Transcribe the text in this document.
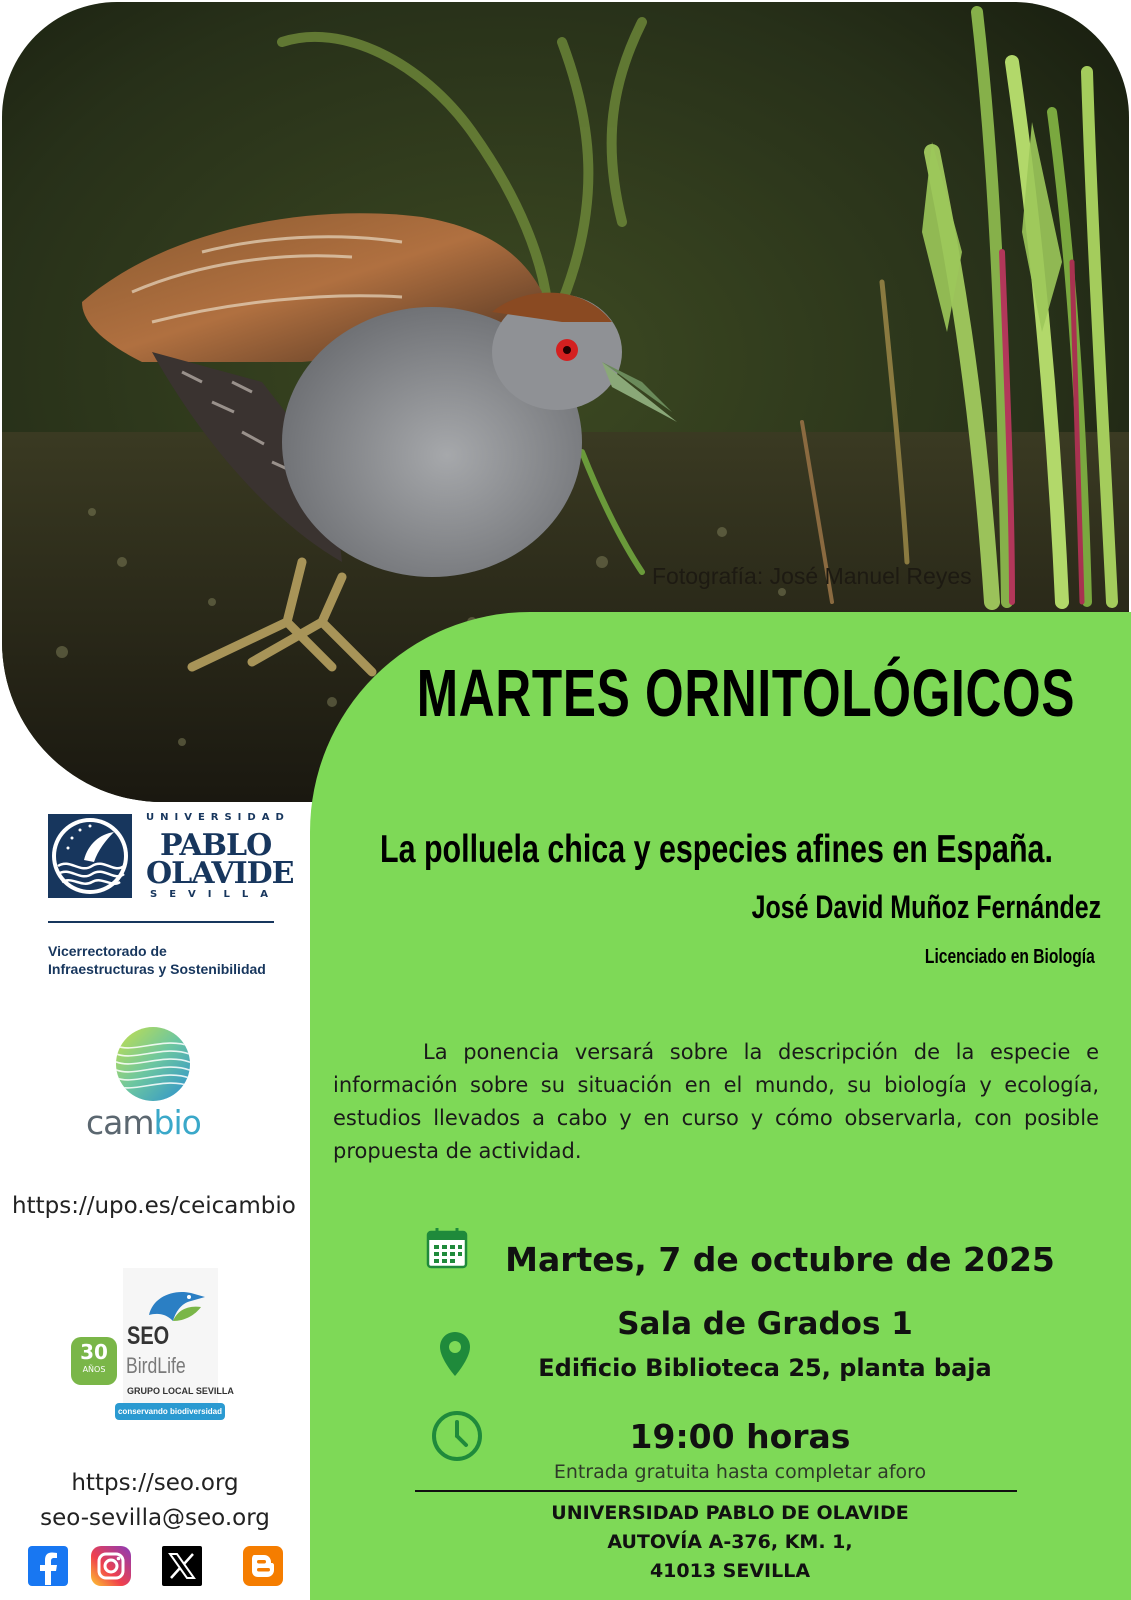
Fotografía: José Manuel Reyes
MARTES ORNITOLÓGICOS
La polluela chica y especies afines en España.
José David Muñoz Fernández
Licenciado en Biología
La ponencia versará sobre la descripción de la especie e información sobre su situación en el mundo, su biología y ecología, estudios llevados a cabo y en curso y cómo observarla, con posible propuesta de actividad.
Martes, 7 de octubre de 2025
Sala de Grados 1
Edificio Biblioteca 25, planta baja
19:00 horas
Entrada gratuita hasta completar aforo
UNIVERSIDAD PABLO DE OLAVIDE
AUTOVÍA A-376, KM. 1,
41013 SEVILLA
UNIVERSIDAD
PABLO
OLAVIDE
SEVILLA
Vicerrectorado de
Infraestructuras y Sostenibilidad
cambio
https://upo.es/ceicambio
30
AÑOS
SEO
BirdLife
GRUPO LOCAL SEVILLA
conservando biodiversidad
https://seo.org
seo-sevilla@seo.org
